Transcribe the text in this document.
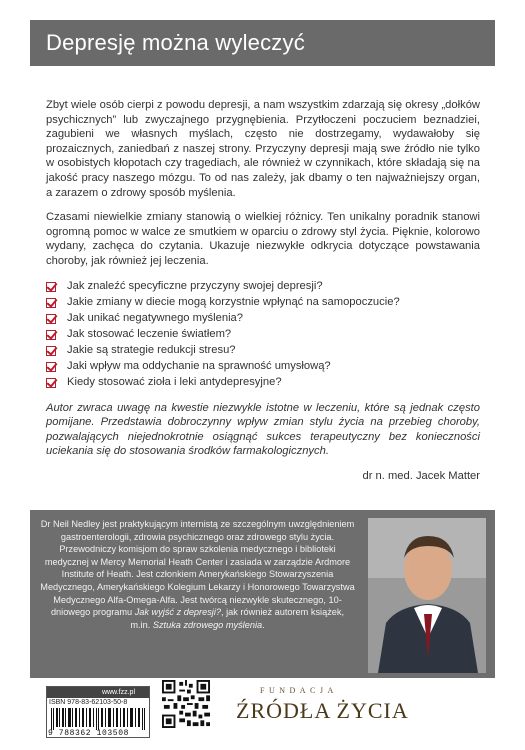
Depresję można wyleczyć

Zbyt wiele osób cierpi z powodu depresji, a nam wszystkim zdarzają się okresy „dołków psychicznych” lub zwyczajnego przygnębienia. Przytłoczeni poczuciem beznadziei, zagubieni we własnych myślach, często nie dostrzegamy, wydawałoby się prozaicznych, zaniedbań z naszej strony. Przyczyny depresji mają swe źródło nie tylko w osobistych kłopotach czy tragediach, ale również w czynnikach, które składają się na jakość pracy naszego mózgu. To od nas zależy, jak dbamy o ten najważniejszy organ, a zarazem o zdrowy sposób myślenia.

Czasami niewielkie zmiany stanowią o wielkiej różnicy. Ten unikalny poradnik stanowi ogromną pomoc w walce ze smutkiem w oparciu o zdrowy styl życia. Pięknie, kolorowo wydany, zachęca do czytania. Ukazuje niezwykłe odkrycia dotyczące powstawania choroby, jak również jej leczenia.

Jak znaleźć specyficzne przyczyny swojej depresji?
Jakie zmiany w diecie mogą korzystnie wpłynąć na samopoczucie?
Jak unikać negatywnego myślenia?
Jak stosować leczenie światłem?
Jakie są strategie redukcji stresu?
Jaki wpływ ma oddychanie na sprawność umysłową?
Kiedy stosować zioła i leki antydepresyjne?

Autor zwraca uwagę na kwestie niezwykle istotne w leczeniu, które są jednak często pomijane. Przedstawia dobroczynny wpływ zmian stylu życia na przebieg choroby, pozwalających niejednokrotnie osiągnąć sukces terapeutyczny bez konieczności uciekania się do stosowania środków farmakologicznych.

dr n. med. Jacek Matter
Dr Neil Nedley jest praktykującym internistą ze szczególnym uwzględnieniem gastroenterologii, zdrowia psychicznego oraz zdrowego stylu życia. Przewodniczy komisjom do spraw szkolenia medycznego i biblioteki medycznej w Mercy Memorial Heath Center i zasiada w zarządzie Ardmore Institute of Heath. Jest członkiem Amerykańskiego Stowarzyszenia Medycznego, Amerykańskiego Kolegium Lekarzy i Honorowego Towarzystwa Medycznego Alfa-Omega-Alfa. Jest twórcą niezwykle skutecznego, 10-dniowego programu Jak wyjść z depresji?, jak również autorem książek, m.in. Sztuka zdrowego myślenia.
www.fzz.pl
ISBN 978-83-62103-50-8
9 788362 103508
FUNDACJA
ŹRÓDŁA ŻYCIA
